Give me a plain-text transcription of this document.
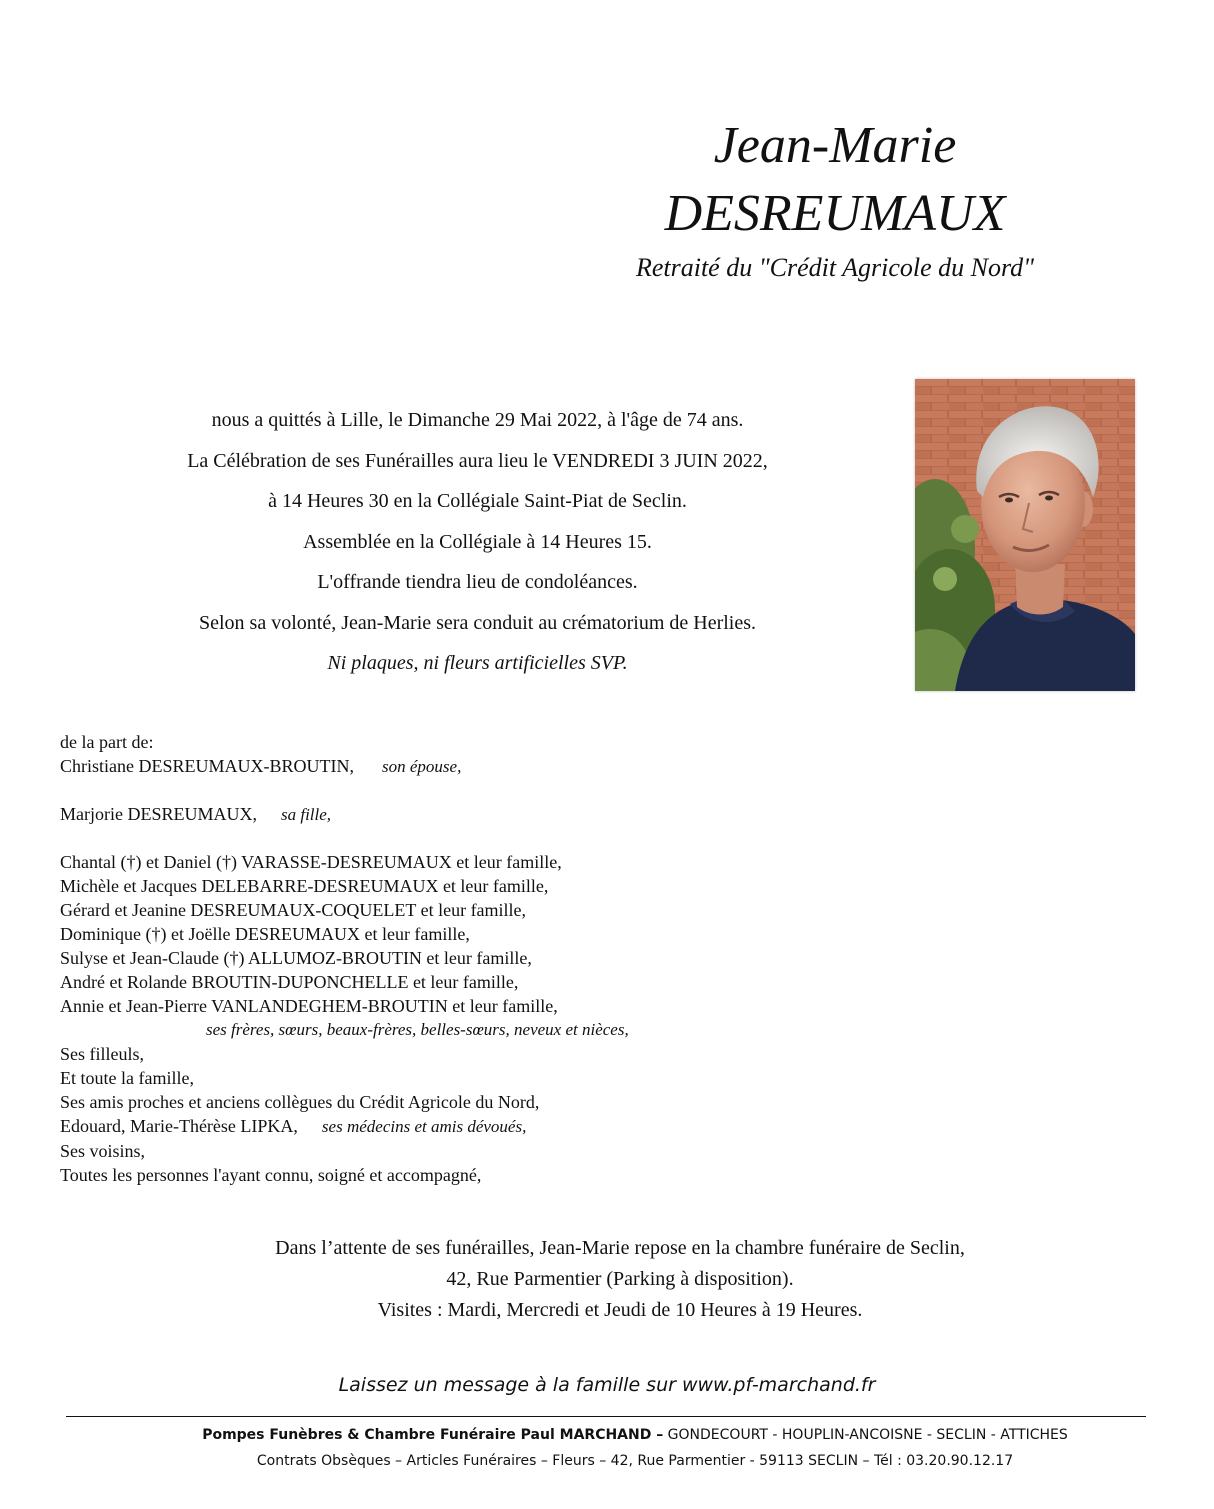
Jean-Marie
DESREUMAUX
Retraité du "Crédit Agricole du Nord"
nous a quittés à Lille, le Dimanche 29 Mai 2022, à l'âge de 74 ans.
La Célébration de ses Funérailles aura lieu le VENDREDI 3 JUIN 2022,
à 14 Heures 30 en la Collégiale Saint-Piat de Seclin.
Assemblée en la Collégiale à 14 Heures 15.
L'offrande tiendra lieu de condoléances.
Selon sa volonté, Jean-Marie sera conduit au crématorium de Herlies.
Ni plaques, ni fleurs artificielles SVP.
de la part de:
Christiane DESREUMAUX-BROUTIN, son épouse,
Marjorie DESREUMAUX, sa fille,
Chantal (†) et Daniel (†) VARASSE-DESREUMAUX et leur famille,
Michèle et Jacques DELEBARRE-DESREUMAUX et leur famille,
Gérard et Jeanine DESREUMAUX-COQUELET et leur famille,
Dominique (†) et Joëlle DESREUMAUX et leur famille,
Sulyse et Jean-Claude (†) ALLUMOZ-BROUTIN et leur famille,
André et Rolande BROUTIN-DUPONCHELLE et leur famille,
Annie et Jean-Pierre VANLANDEGHEM-BROUTIN et leur famille,
ses frères, sœurs, beaux-frères, belles-sœurs, neveux et nièces,
Ses filleuls,
Et toute la famille,
Ses amis proches et anciens collègues du Crédit Agricole du Nord,
Edouard, Marie-Thérèse LIPKA, ses médecins et amis dévoués,
Ses voisins,
Toutes les personnes l'ayant connu, soigné et accompagné,
Dans l’attente de ses funérailles, Jean-Marie repose en la chambre funéraire de Seclin,
42, Rue Parmentier (Parking à disposition).
Visites : Mardi, Mercredi et Jeudi de 10 Heures à 19 Heures.
Laissez un message à la famille sur www.pf-marchand.fr
Pompes Funèbres & Chambre Funéraire Paul MARCHAND – GONDECOURT - HOUPLIN-ANCOISNE - SECLIN - ATTICHES
Contrats Obsèques – Articles Funéraires – Fleurs – 42, Rue Parmentier - 59113 SECLIN – Tél : 03.20.90.12.17
